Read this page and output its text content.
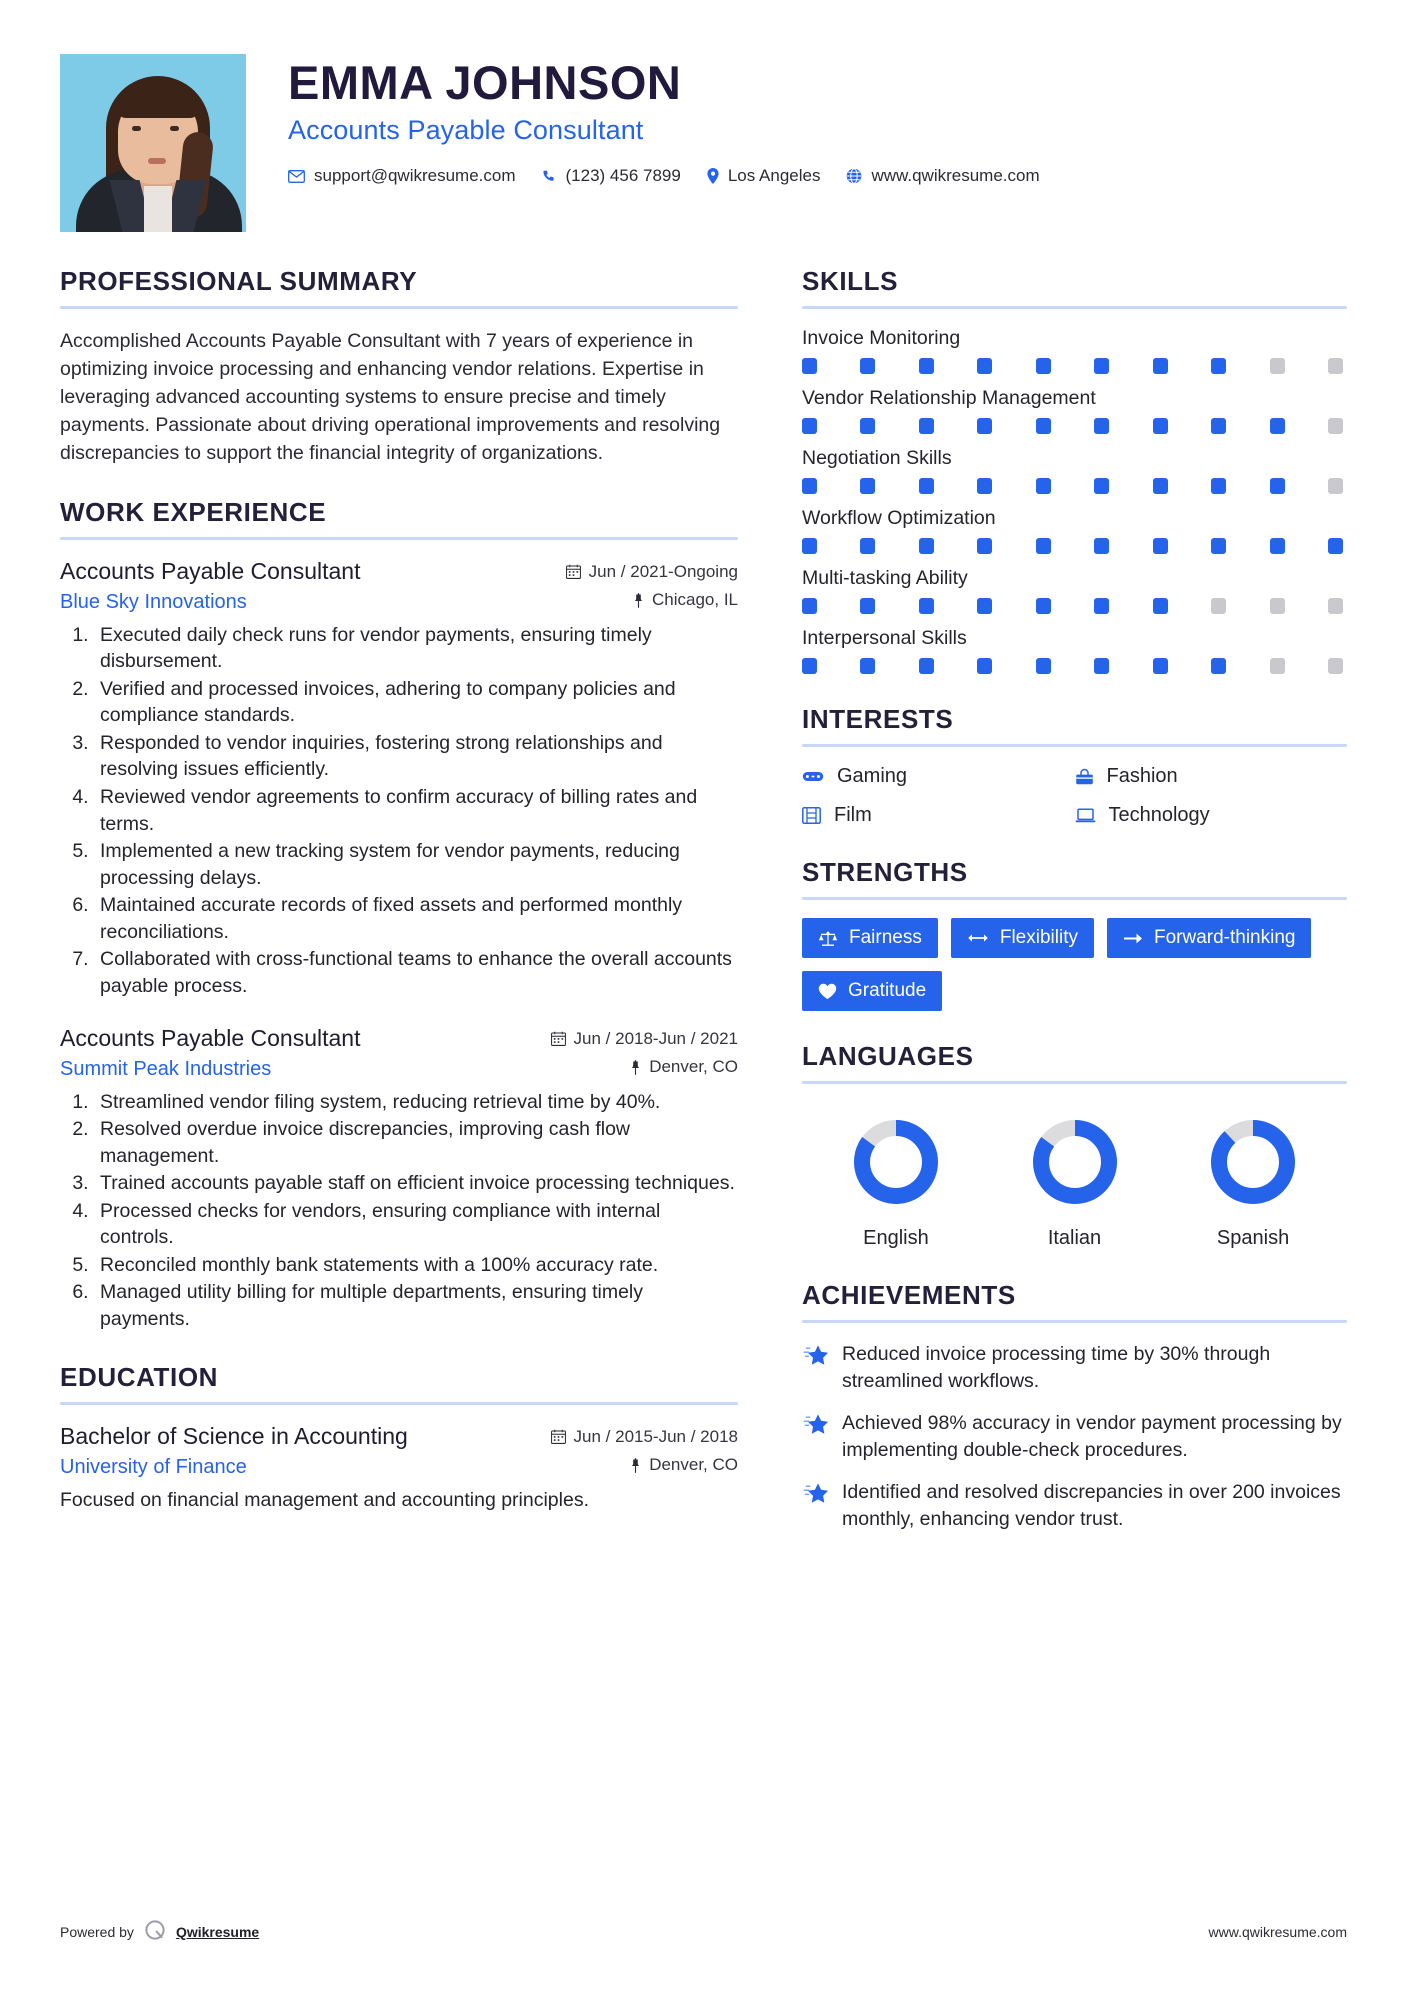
EMMA JOHNSON
Accounts Payable Consultant
support@qwikresume.com	(123) 456 7899	Los Angeles	www.qwikresume.com
PROFESSIONAL SUMMARY
Accomplished Accounts Payable Consultant with 7 years of experience in optimizing invoice processing and enhancing vendor relations. Expertise in leveraging advanced accounting systems to ensure precise and timely payments. Passionate about driving operational improvements and resolving discrepancies to support the financial integrity of organizations.
WORK EXPERIENCE
Accounts Payable Consultant	Jun / 2021-Ongoing
Blue Sky Innovations	Chicago, IL
1. Executed daily check runs for vendor payments, ensuring timely disbursement.
2. Verified and processed invoices, adhering to company policies and compliance standards.
3. Responded to vendor inquiries, fostering strong relationships and resolving issues efficiently.
4. Reviewed vendor agreements to confirm accuracy of billing rates and terms.
5. Implemented a new tracking system for vendor payments, reducing processing delays.
6. Maintained accurate records of fixed assets and performed monthly reconciliations.
7. Collaborated with cross-functional teams to enhance the overall accounts payable process.
Accounts Payable Consultant	Jun / 2018-Jun / 2021
Summit Peak Industries	Denver, CO
1. Streamlined vendor filing system, reducing retrieval time by 40%.
2. Resolved overdue invoice discrepancies, improving cash flow management.
3. Trained accounts payable staff on efficient invoice processing techniques.
4. Processed checks for vendors, ensuring compliance with internal controls.
5. Reconciled monthly bank statements with a 100% accuracy rate.
6. Managed utility billing for multiple departments, ensuring timely payments.
EDUCATION
Bachelor of Science in Accounting	Jun / 2015-Jun / 2018
University of Finance	Denver, CO
Focused on financial management and accounting principles.
SKILLS
Invoice Monitoring
Vendor Relationship Management
Negotiation Skills
Workflow Optimization
Multi-tasking Ability
Interpersonal Skills
INTERESTS
Gaming	Fashion
Film	Technology
STRENGTHS
Fairness	Flexibility	Forward-thinking
Gratitude
LANGUAGES
English	Italian	Spanish
ACHIEVEMENTS
Reduced invoice processing time by 30% through streamlined workflows.
Achieved 98% accuracy in vendor payment processing by implementing double-check procedures.
Identified and resolved discrepancies in over 200 invoices monthly, enhancing vendor trust.
Powered by	Qwikresume	www.qwikresume.com
